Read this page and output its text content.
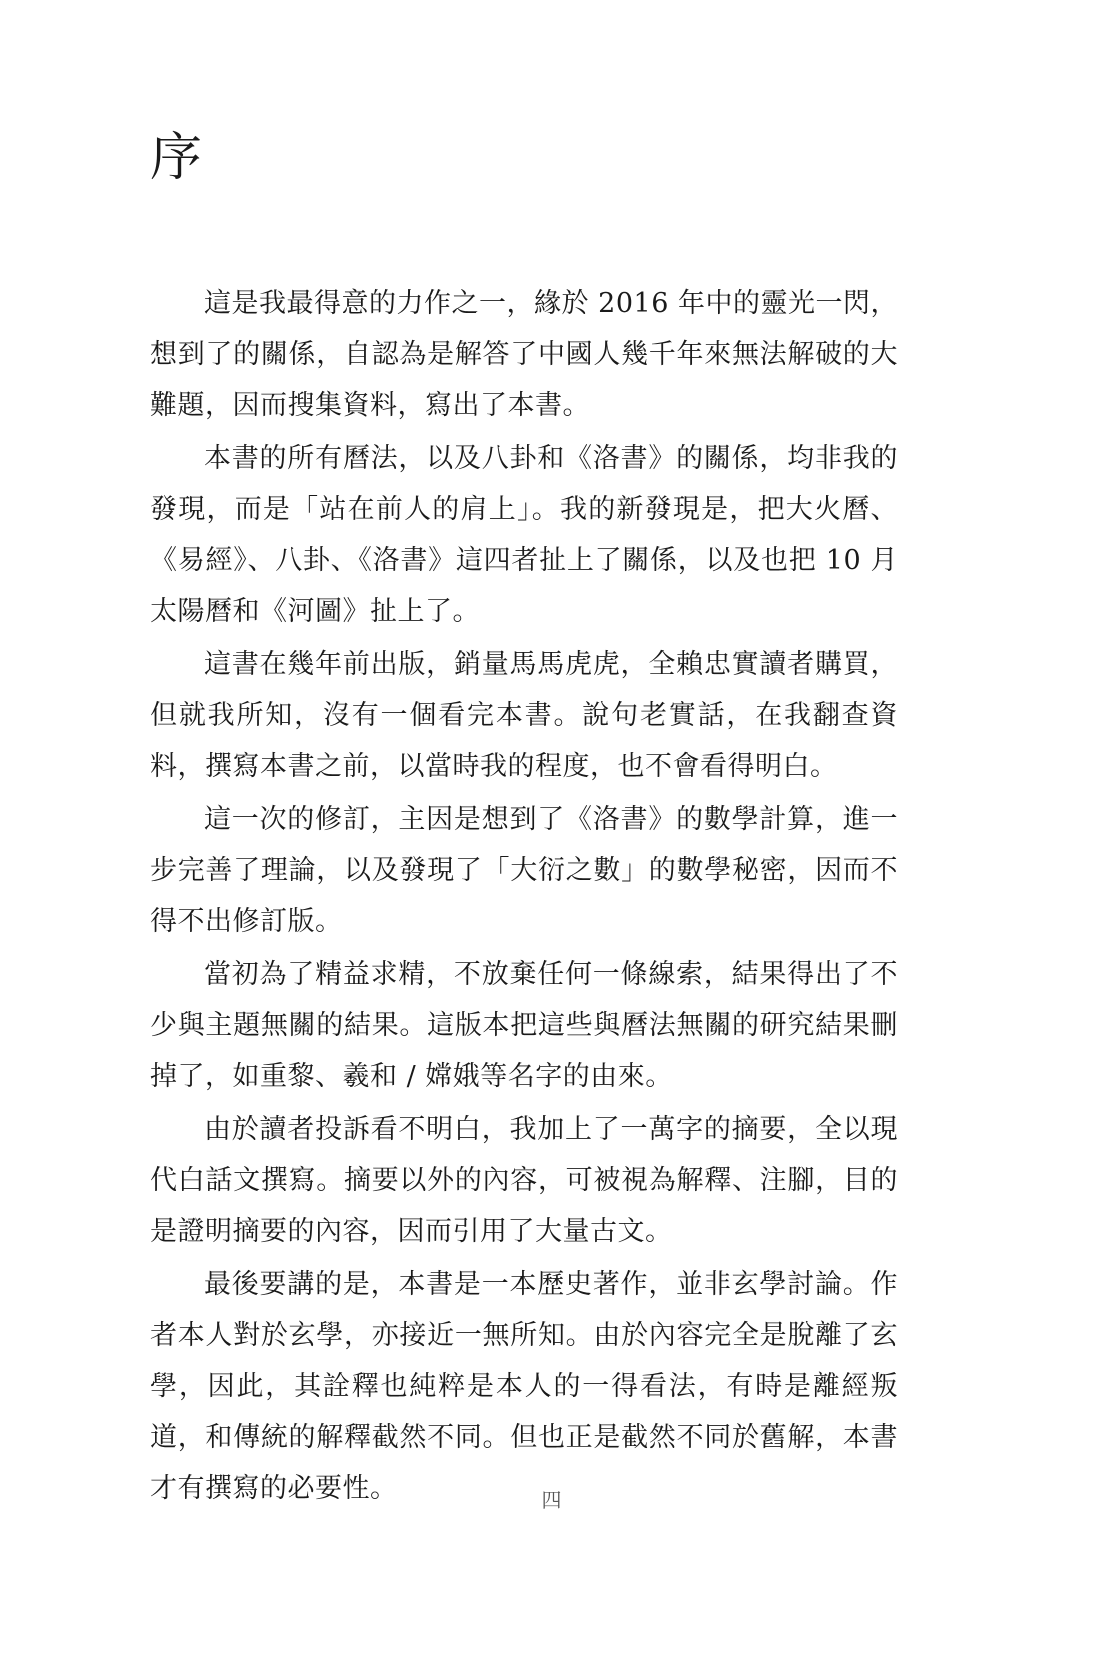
序

這是我最得意的力作之一，緣於 2016 年中的靈光一閃，想到了的關係，自認為是解答了中國人幾千年來無法解破的大難題，因而搜集資料，寫出了本書。

本書的所有曆法，以及八卦和《洛書》的關係，均非我的發現，而是「站在前人的肩上」。我的新發現是，把大火曆、《易經》、八卦、《洛書》這四者扯上了關係，以及也把 10 月太陽曆和《河圖》扯上了。

這書在幾年前出版，銷量馬馬虎虎，全賴忠實讀者購買，但就我所知，沒有一個看完本書。說句老實話，在我翻查資料，撰寫本書之前，以當時我的程度，也不會看得明白。

這一次的修訂，主因是想到了《洛書》的數學計算，進一步完善了理論，以及發現了「大衍之數」的數學秘密，因而不得不出修訂版。

當初為了精益求精，不放棄任何一條線索，結果得出了不少與主題無關的結果。這版本把這些與曆法無關的研究結果刪掉了，如重黎、羲和 / 嫦娥等名字的由來。

由於讀者投訴看不明白，我加上了一萬字的摘要，全以現代白話文撰寫。摘要以外的內容，可被視為解釋、注腳，目的是證明摘要的內容，因而引用了大量古文。

最後要講的是，本書是一本歷史著作，並非玄學討論。作者本人對於玄學，亦接近一無所知。由於內容完全是脫離了玄學，因此，其詮釋也純粹是本人的一得看法，有時是離經叛道，和傳統的解釋截然不同。但也正是截然不同於舊解，本書才有撰寫的必要性。	四
